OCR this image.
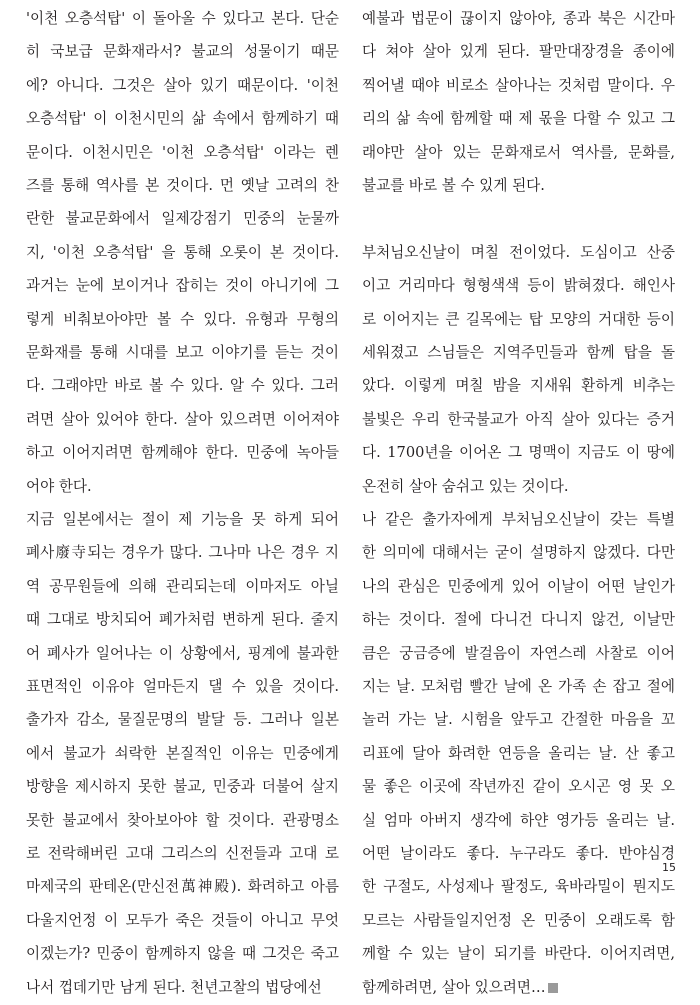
'이천 오층석탑' 이 돌아올 수 있다고 본다. 단순
히 국보급 문화재라서? 불교의 성물이기 때문
에? 아니다. 그것은 살아 있기 때문이다. '이천
오층석탑' 이 이천시민의 삶 속에서 함께하기 때
문이다. 이천시민은 '이천 오층석탑' 이라는 렌
즈를 통해 역사를 본 것이다. 먼 옛날 고려의 찬
란한 불교문화에서 일제강점기 민중의 눈물까
지, '이천 오층석탑' 을 통해 오롯이 본 것이다.
과거는 눈에 보이거나 잡히는 것이 아니기에 그
렇게 비춰보아야만 볼 수 있다. 유형과 무형의
문화재를 통해 시대를 보고 이야기를 듣는 것이
다. 그래야만 바로 볼 수 있다. 알 수 있다. 그러
려면 살아 있어야 한다. 살아 있으려면 이어져야
하고 이어지려면 함께해야 한다. 민중에 녹아들
어야 한다.
지금 일본에서는 절이 제 기능을 못 하게 되어
폐사廢寺되는 경우가 많다. 그나마 나은 경우 지
역 공무원들에 의해 관리되는데 이마저도 아닐
때 그대로 방치되어 폐가처럼 변하게 된다. 줄지
어 폐사가 일어나는 이 상황에서, 핑계에 불과한
표면적인 이유야 얼마든지 댈 수 있을 것이다.
출가자 감소, 물질문명의 발달 등. 그러나 일본
에서 불교가 쇠락한 본질적인 이유는 민중에게
방향을 제시하지 못한 불교, 민중과 더불어 살지
못한 불교에서 찾아보아야 할 것이다. 관광명소
로 전락해버린 고대 그리스의 신전들과 고대 로
마제국의 판테온(만신전萬神殿). 화려하고 아름
다울지언정 이 모두가 죽은 것들이 아니고 무엇
이겠는가? 민중이 함께하지 않을 때 그것은 죽고
나서 껍데기만 남게 된다. 천년고찰의 법당에선
예불과 법문이 끊이지 않아야, 종과 북은 시간마
다 쳐야 살아 있게 된다. 팔만대장경을 종이에
찍어낼 때야 비로소 살아나는 것처럼 말이다. 우
리의 삶 속에 함께할 때 제 몫을 다할 수 있고 그
래야만 살아 있는 문화재로서 역사를, 문화를,
불교를 바로 볼 수 있게 된다.
부처님오신날이 며칠 전이었다. 도심이고 산중
이고 거리마다 형형색색 등이 밝혀졌다. 해인사
로 이어지는 큰 길목에는 탑 모양의 거대한 등이
세워졌고 스님들은 지역주민들과 함께 탑을 돌
았다. 이렇게 며칠 밤을 지새워 환하게 비추는
불빛은 우리 한국불교가 아직 살아 있다는 증거
다. 1700년을 이어온 그 명맥이 지금도 이 땅에
온전히 살아 숨쉬고 있는 것이다.
나 같은 출가자에게 부처님오신날이 갖는 특별
한 의미에 대해서는 굳이 설명하지 않겠다. 다만
나의 관심은 민중에게 있어 이날이 어떤 날인가
하는 것이다. 절에 다니건 다니지 않건, 이날만
큼은 궁금증에 발걸음이 자연스레 사찰로 이어
지는 날. 모처럼 빨간 날에 온 가족 손 잡고 절에
놀러 가는 날. 시험을 앞두고 간절한 마음을 꼬
리표에 달아 화려한 연등을 올리는 날. 산 좋고
물 좋은 이곳에 작년까진 같이 오시곤 영 못 오
실 엄마 아버지 생각에 하얀 영가등 올리는 날.
어떤 날이라도 좋다. 누구라도 좋다. 반야심경
한 구절도, 사성제나 팔정도, 육바라밀이 뭔지도
모르는 사람들일지언정 온 민중이 오래도록 함
께할 수 있는 날이 되기를 바란다. 이어지려면,
함께하려면, 살아 있으려면…
15
